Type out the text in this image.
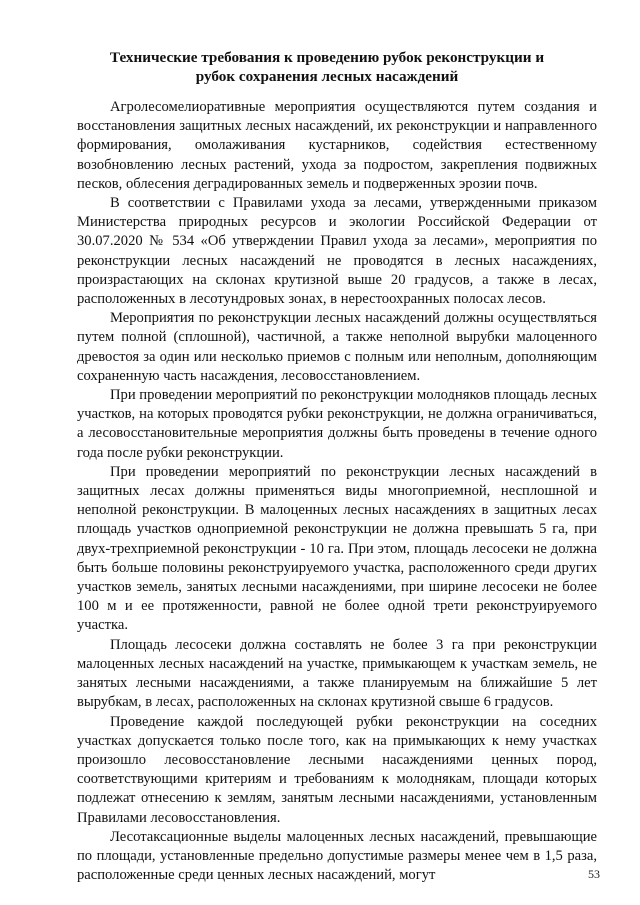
Технические требования к проведению рубок реконструкции и рубок сохранения лесных насаждений

Агролесомелиоративные мероприятия осуществляются путем создания и восстановления защитных лесных насаждений, их реконструкции и направленного формирования, омолаживания кустарников, содействия естественному возобновлению лесных растений, ухода за подростом, закрепления подвижных песков, облесения деградированных земель и подверженных эрозии почв.

В соответствии с Правилами ухода за лесами, утвержденными приказом Министерства природных ресурсов и экологии Российской Федерации от 30.07.2020 № 534 «Об утверждении Правил ухода за лесами», мероприятия по реконструкции лесных насаждений не проводятся в лесных насаждениях, произрастающих на склонах крутизной выше 20 градусов, а также в лесах, расположенных в лесотундровых зонах, в нерестоохранных полосах лесов.

Мероприятия по реконструкции лесных насаждений должны осуществляться путем полной (сплошной), частичной, а также неполной вырубки малоценного древостоя за один или несколько приемов с полным или неполным, дополняющим сохраненную часть насаждения, лесовосстановлением.

При проведении мероприятий по реконструкции молодняков площадь лесных участков, на которых проводятся рубки реконструкции, не должна ограничиваться, а лесовосстановительные мероприятия должны быть проведены в течение одного года после рубки реконструкции.

При проведении мероприятий по реконструкции лесных насаждений в защитных лесах должны применяться виды многоприемной, несплошной и неполной реконструкции. В малоценных лесных насаждениях в защитных лесах площадь участков одноприемной реконструкции не должна превышать 5 га, при двух-трехприемной реконструкции - 10 га. При этом, площадь лесосеки не должна быть больше половины реконструируемого участка, расположенного среди других участков земель, занятых лесными насаждениями, при ширине лесосеки не более 100 м и ее протяженности, равной не более одной трети реконструируемого участка.

Площадь лесосеки должна составлять не более 3 га при реконструкции малоценных лесных насаждений на участке, примыкающем к участкам земель, не занятых лесными насаждениями, а также планируемым на ближайшие 5 лет вырубкам, в лесах, расположенных на склонах крутизной свыше 6 градусов.

Проведение каждой последующей рубки реконструкции на соседних участках допускается только после того, как на примыкающих к нему участках произошло лесовосстановление лесными насаждениями ценных пород, соответствующими критериям и требованиям к молоднякам, площади которых подлежат отнесению к землям, занятым лесными насаждениями, установленным Правилами лесовосстановления.

Лесотаксационные выделы малоценных лесных насаждений, превышающие по площади, установленные предельно допустимые размеры менее чем в 1,5 раза, расположенные среди ценных лесных насаждений, могут	53
